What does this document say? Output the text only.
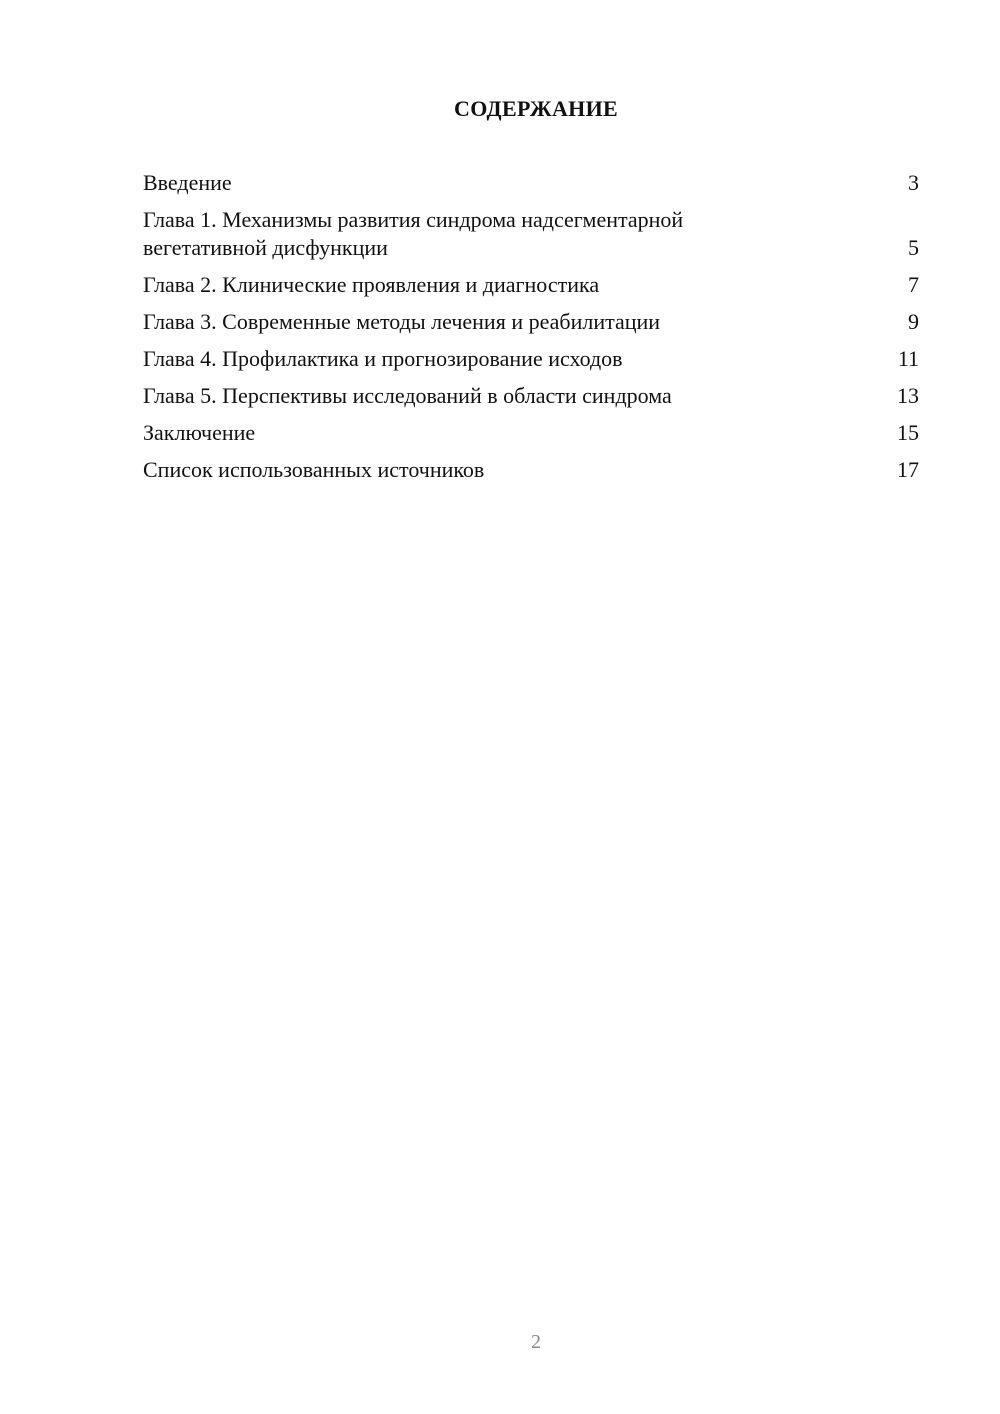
СОДЕРЖАНИЕ
Введение	3
Глава 1. Механизмы развития синдрома надсегментарной вегетативной дисфункции	5
Глава 2. Клинические проявления и диагностика	7
Глава 3. Современные методы лечения и реабилитации	9
Глава 4. Профилактика и прогнозирование исходов	11
Глава 5. Перспективы исследований в области синдрома	13
Заключение	15
Список использованных источников	17
2
